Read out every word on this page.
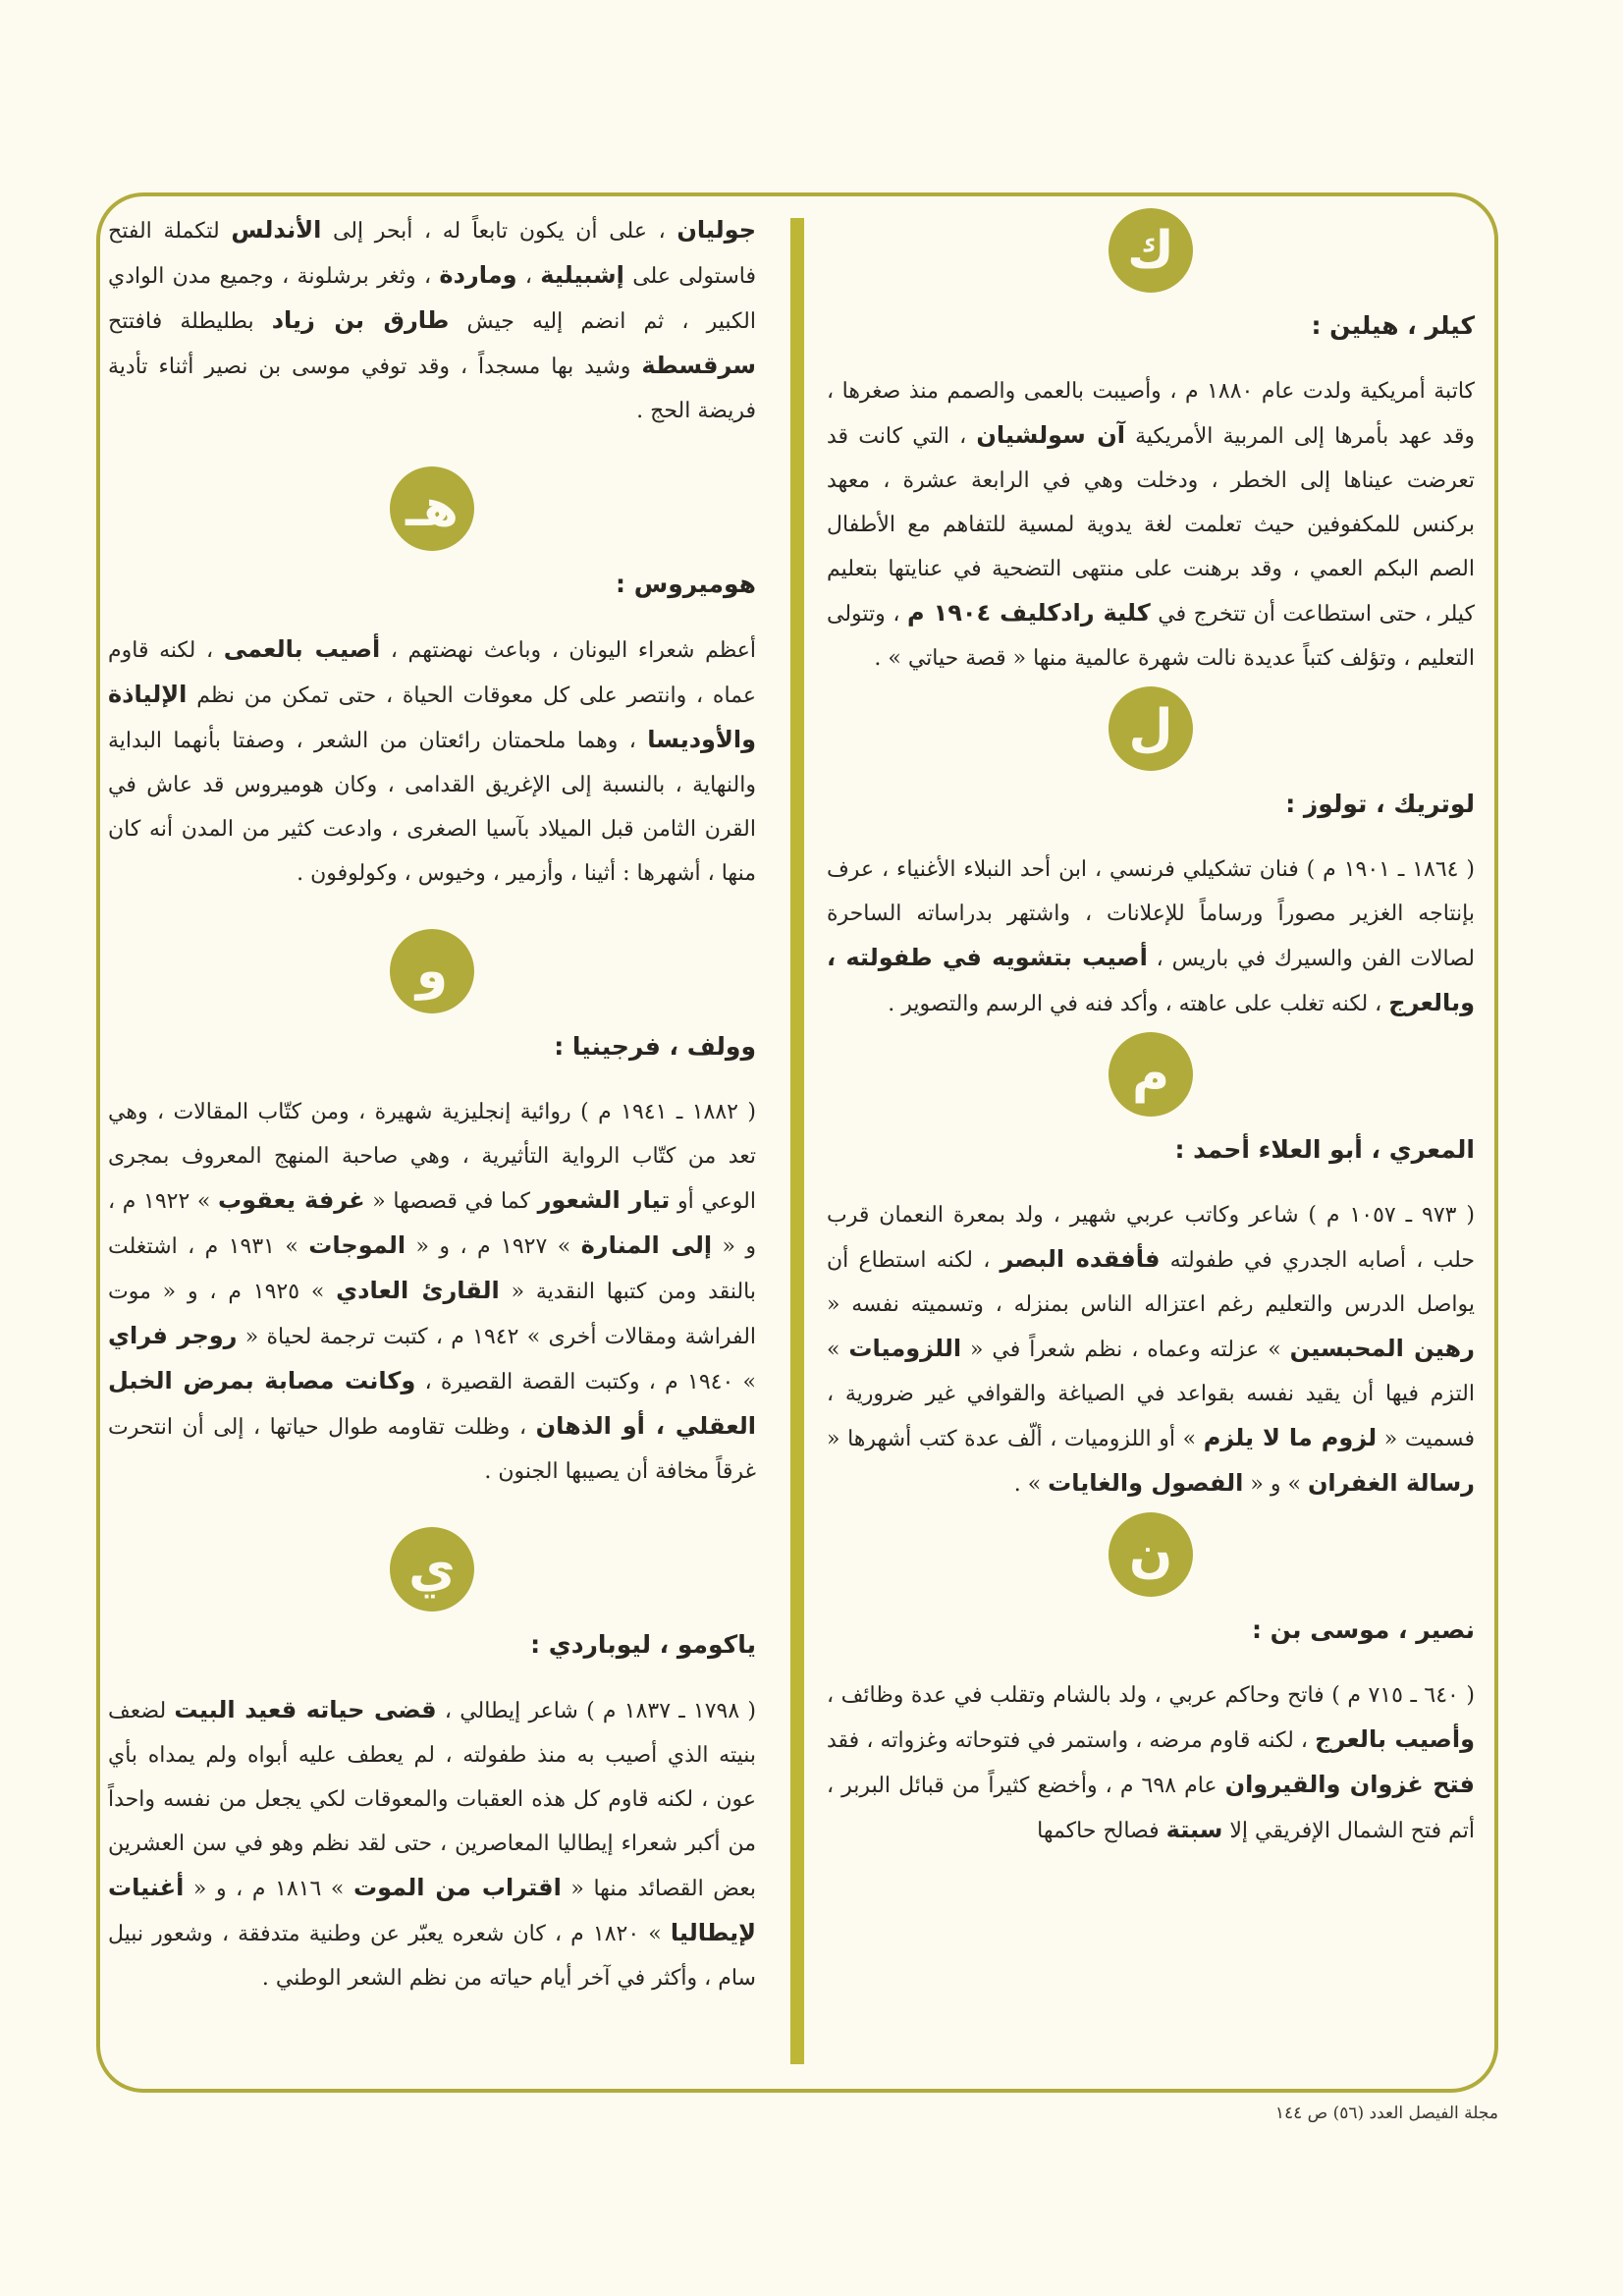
ك
كيلر ، هيلين :

كاتبة أمريكية ولدت عام ١٨٨٠ م ، وأصيبت بالعمى والصمم منذ صغرها ، وقد عهد بأمرها إلى المربية الأمريكية آن سولشيان ، التي كانت قد تعرضت عيناها إلى الخطر ، ودخلت وهي في الرابعة عشرة ، معهد بركنس للمكفوفين حيث تعلمت لغة يدوية لمسية للتفاهم مع الأطفال الصم البكم العمي ، وقد برهنت على منتهى التضحية في عنايتها بتعليم كيلر ، حتى استطاعت أن تتخرج في كلية رادكليف ١٩٠٤ م ، وتتولى التعليم ، وتؤلف كتباً عديدة نالت شهرة عالمية منها « قصة حياتي » .

ل
لوتريك ، تولوز :

( ١٨٦٤ ـ ١٩٠١ م ) فنان تشكيلي فرنسي ، ابن أحد النبلاء الأغنياء ، عرف بإنتاجه الغزير مصوراً ورساماً للإعلانات ، واشتهر بدراساته الساحرة لصالات الفن والسيرك في باريس ، أصيب بتشويه في طفولته ، وبالعرج ، لكنه تغلب على عاهته ، وأكد فنه في الرسم والتصوير .

م
المعري ، أبو العلاء أحمد :

( ٩٧٣ ـ ١٠٥٧ م ) شاعر وكاتب عربي شهير ، ولد بمعرة النعمان قرب حلب ، أصابه الجدري في طفولته فأفقده البصر ، لكنه استطاع أن يواصل الدرس والتعليم رغم اعتزاله الناس بمنزله ، وتسميته نفسه « رهين المحبسين » عزلته وعماه ، نظم شعراً في « اللزوميات » التزم فيها أن يقيد نفسه بقواعد في الصياغة والقوافي غير ضرورية ، فسميت « لزوم ما لا يلزم » أو اللزوميات ، ألّف عدة كتب أشهرها « رسالة الغفران » و « الفصول والغايات » .

ن
نصير ، موسى بن :

( ٦٤٠ ـ ٧١٥ م ) فاتح وحاكم عربي ، ولد بالشام وتقلب في عدة وظائف ، وأصيب بالعرج ، لكنه قاوم مرضه ، واستمر في فتوحاته وغزواته ، فقد فتح غزوان والقيروان عام ٦٩٨ م ، وأخضع كثيراً من قبائل البربر ، أتم فتح الشمال الإفريقي إلا سبتة فصالح حاكمها

جوليان ، على أن يكون تابعاً له ، أبحر إلى الأندلس لتكملة الفتح فاستولى على إشبيلية ، وماردة ، وثغر برشلونة ، وجميع مدن الوادي الكبير ، ثم انضم إليه جيش طارق بن زياد بطليطلة فافتتح سرقسطة وشيد بها مسجداً ، وقد توفي موسى بن نصير أثناء تأدية فريضة الحج .

هـ
هوميروس :

أعظم شعراء اليونان ، وباعث نهضتهم ، أصيب بالعمى ، لكنه قاوم عماه ، وانتصر على كل معوقات الحياة ، حتى تمكن من نظم الإلياذة والأوديسا ، وهما ملحمتان رائعتان من الشعر ، وصفتا بأنهما البداية والنهاية ، بالنسبة إلى الإغريق القدامى ، وكان هوميروس قد عاش في القرن الثامن قبل الميلاد بآسيا الصغرى ، وادعت كثير من المدن أنه كان منها ، أشهرها : أثينا ، وأزمير ، وخيوس ، وكولوفون .

و
وولف ، فرجينيا :

( ١٨٨٢ ـ ١٩٤١ م ) روائية إنجليزية شهيرة ، ومن كتّاب المقالات ، وهي تعد من كتّاب الرواية التأثيرية ، وهي صاحبة المنهج المعروف بمجرى الوعي أو تيار الشعور كما في قصصها « غرفة يعقوب » ١٩٢٢ م ، و « إلى المنارة » ١٩٢٧ م ، و « الموجات » ١٩٣١ م ، اشتغلت بالنقد ومن كتبها النقدية « القارئ العادي » ١٩٢٥ م ، و « موت الفراشة ومقالات أخرى » ١٩٤٢ م ، كتبت ترجمة لحياة « روجر فراي » ١٩٤٠ م ، وكتبت القصة القصيرة ، وكانت مصابة بمرض الخبل العقلي ، أو الذهان ، وظلت تقاومه طوال حياتها ، إلى أن انتحرت غرقاً مخافة أن يصيبها الجنون .

ي
ياكومو ، ليوباردي :

( ١٧٩٨ ـ ١٨٣٧ م ) شاعر إيطالي ، قضى حياته قعيد البيت لضعف بنيته الذي أصيب به منذ طفولته ، لم يعطف عليه أبواه ولم يمداه بأي عون ، لكنه قاوم كل هذه العقبات والمعوقات لكي يجعل من نفسه واحداً من أكبر شعراء إيطاليا المعاصرين ، حتى لقد نظم وهو في سن العشرين بعض القصائد منها « اقتراب من الموت » ١٨١٦ م ، و « أغنيات لإيطاليا » ١٨٢٠ م ، كان شعره يعبّر عن وطنية متدفقة ، وشعور نبيل سام ، وأكثر في آخر أيام حياته من نظم الشعر الوطني .

مجلة الفيصل العدد (٥٦) ص ١٤٤
